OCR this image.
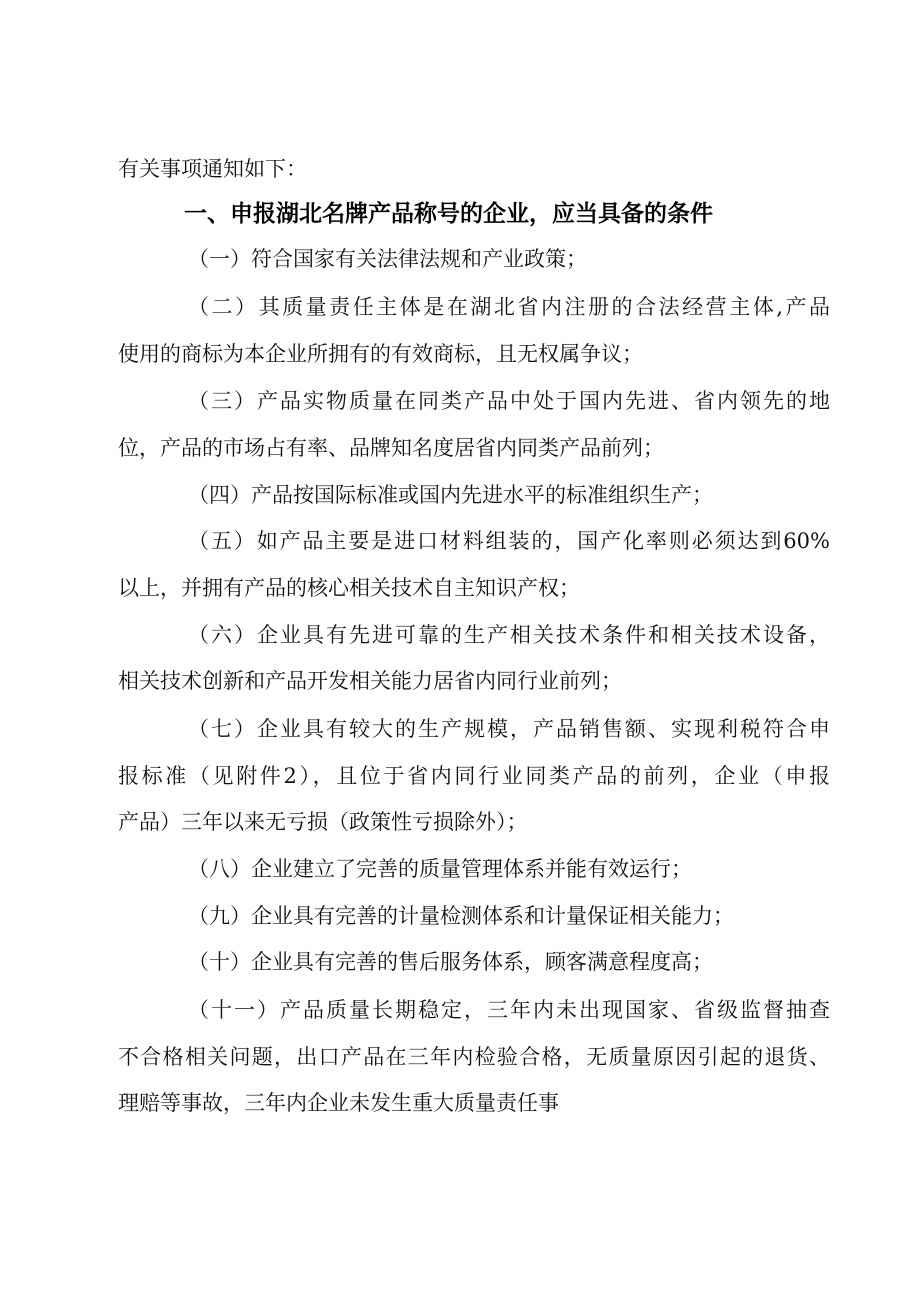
有关事项通知如下：
一、申报湖北名牌产品称号的企业，应当具备的条件
（一）符合国家有关法律法规和产业政策；
（二）其质量责任主体是在湖北省内注册的合法经营主体,产品
使用的商标为本企业所拥有的有效商标，且无权属争议；
（三）产品实物质量在同类产品中处于国内先进、省内领先的地
位，产品的市场占有率、品牌知名度居省内同类产品前列；
（四）产品按国际标准或国内先进水平的标准组织生产；
（五）如产品主要是进口材料组装的，国产化率则必须达到60%
以上，并拥有产品的核心相关技术自主知识产权；
（六）企业具有先进可靠的生产相关技术条件和相关技术设备，
相关技术创新和产品开发相关能力居省内同行业前列；
（七）企业具有较大的生产规模，产品销售额、实现利税符合申
报标准（见附件2），且位于省内同行业同类产品的前列，企业（申报
产品）三年以来无亏损（政策性亏损除外）；
（八）企业建立了完善的质量管理体系并能有效运行；
（九）企业具有完善的计量检测体系和计量保证相关能力；
（十）企业具有完善的售后服务体系，顾客满意程度高；
（十一）产品质量长期稳定，三年内未出现国家、省级监督抽查
不合格相关问题，出口产品在三年内检验合格，无质量原因引起的退货、
理赔等事故，三年内企业未发生重大质量责任事
